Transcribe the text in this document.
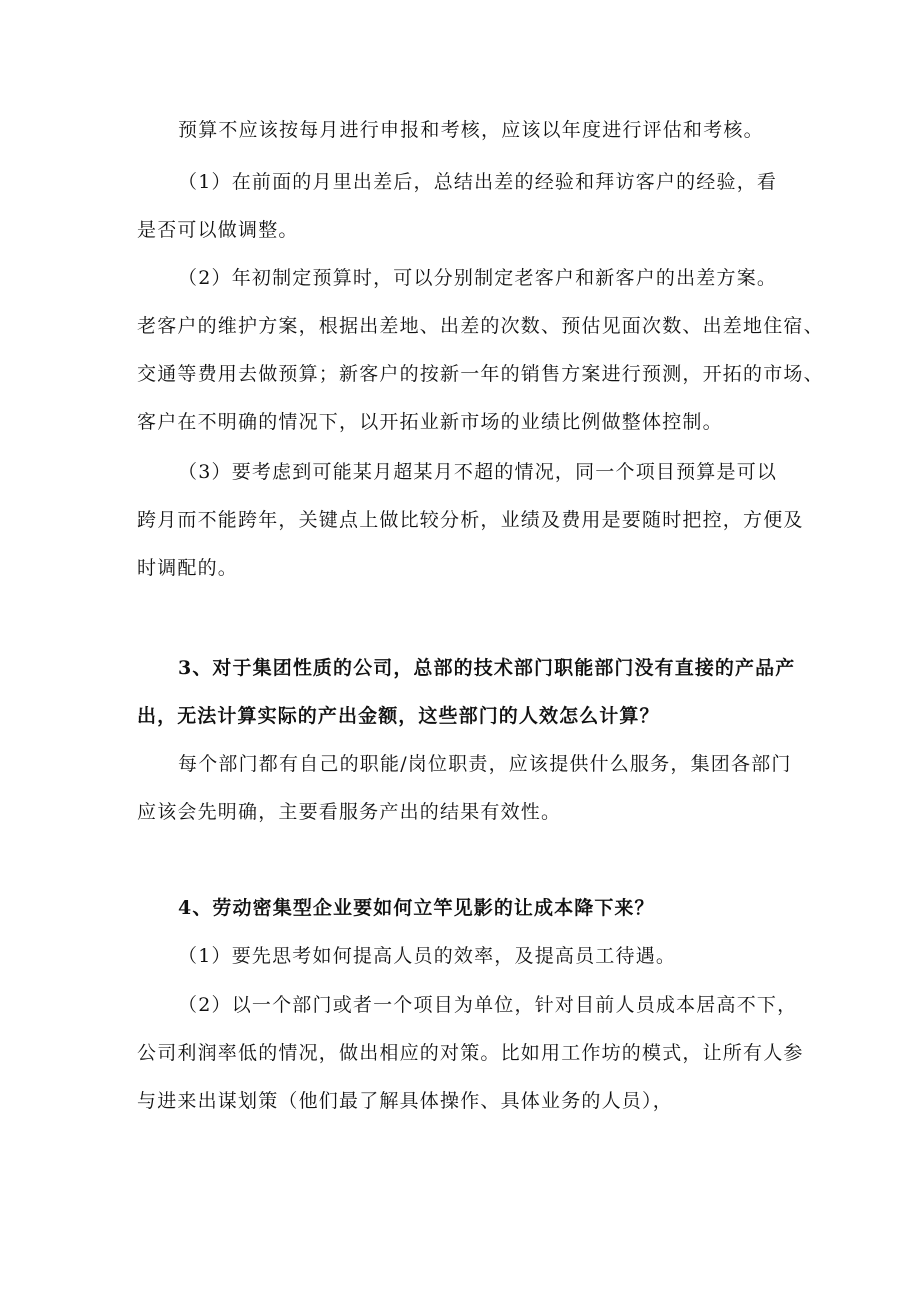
预算不应该按每月进行申报和考核，应该以年度进行评估和考核。
（1）在前面的月里出差后，总结出差的经验和拜访客户的经验，看
是否可以做调整。
（2）年初制定预算时，可以分别制定老客户和新客户的出差方案。
老客户的维护方案，根据出差地、出差的次数、预估见面次数、出差地住宿、
交通等费用去做预算；新客户的按新一年的销售方案进行预测，开拓的市场、
客户在不明确的情况下，以开拓业新市场的业绩比例做整体控制。
（3）要考虑到可能某月超某月不超的情况，同一个项目预算是可以
跨月而不能跨年，关键点上做比较分析，业绩及费用是要随时把控，方便及
时调配的。
3、对于集团性质的公司，总部的技术部门职能部门没有直接的产品产
出，无法计算实际的产出金额，这些部门的人效怎么计算？
每个部门都有自己的职能/岗位职责，应该提供什么服务，集团各部门
应该会先明确，主要看服务产出的结果有效性。
4、劳动密集型企业要如何立竿见影的让成本降下来？
（1）要先思考如何提高人员的效率，及提高员工待遇。
（2）以一个部门或者一个项目为单位，针对目前人员成本居高不下，
公司利润率低的情况，做出相应的对策。比如用工作坊的模式，让所有人参
与进来出谋划策（他们最了解具体操作、具体业务的人员），
